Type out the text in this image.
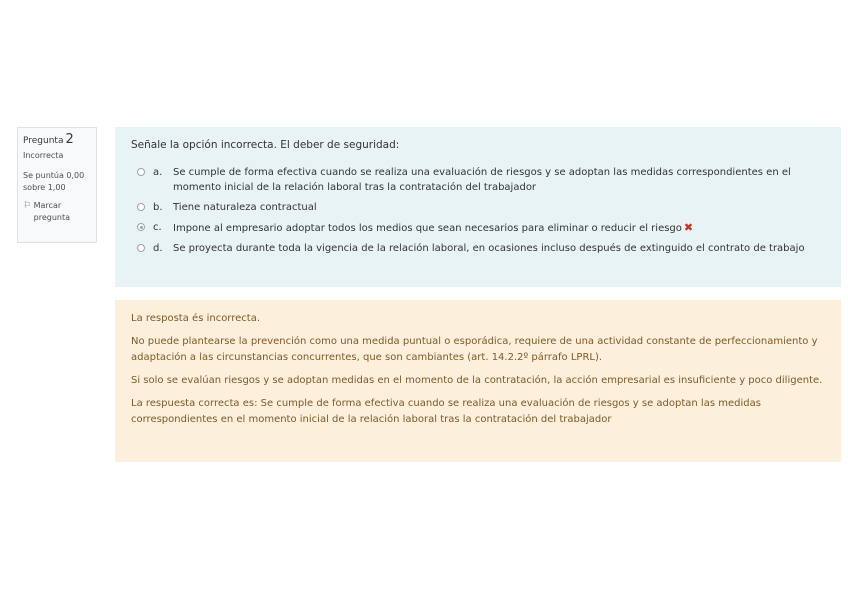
Pregunta 2
Incorrecta
Se puntúa 0,00 sobre 1,00
⚐ Marcar pregunta
Señale la opción incorrecta. El deber de seguridad:
a.	Se cumple de forma efectiva cuando se realiza una evaluación de riesgos y se adoptan las medidas correspondientes en el momento inicial de la relación laboral tras la contratación del trabajador
b.	Tiene naturaleza contractual
c.	Impone al empresario adoptar todos los medios que sean necesarios para eliminar o reducir el riesgo ✖
d.	Se proyecta durante toda la vigencia de la relación laboral, en ocasiones incluso después de extinguido el contrato de trabajo

La resposta és incorrecta.

No puede plantearse la prevención como una medida puntual o esporádica, requiere de una actividad constante de perfeccionamiento y adaptación a las circunstancias concurrentes, que son cambiantes (art. 14.2.2º párrafo LPRL).

Si solo se evalúan riesgos y se adoptan medidas en el momento de la contratación, la acción empresarial es insuficiente y poco diligente.

La respuesta correcta es: Se cumple de forma efectiva cuando se realiza una evaluación de riesgos y se adoptan las medidas correspondientes en el momento inicial de la relación laboral tras la contratación del trabajador
